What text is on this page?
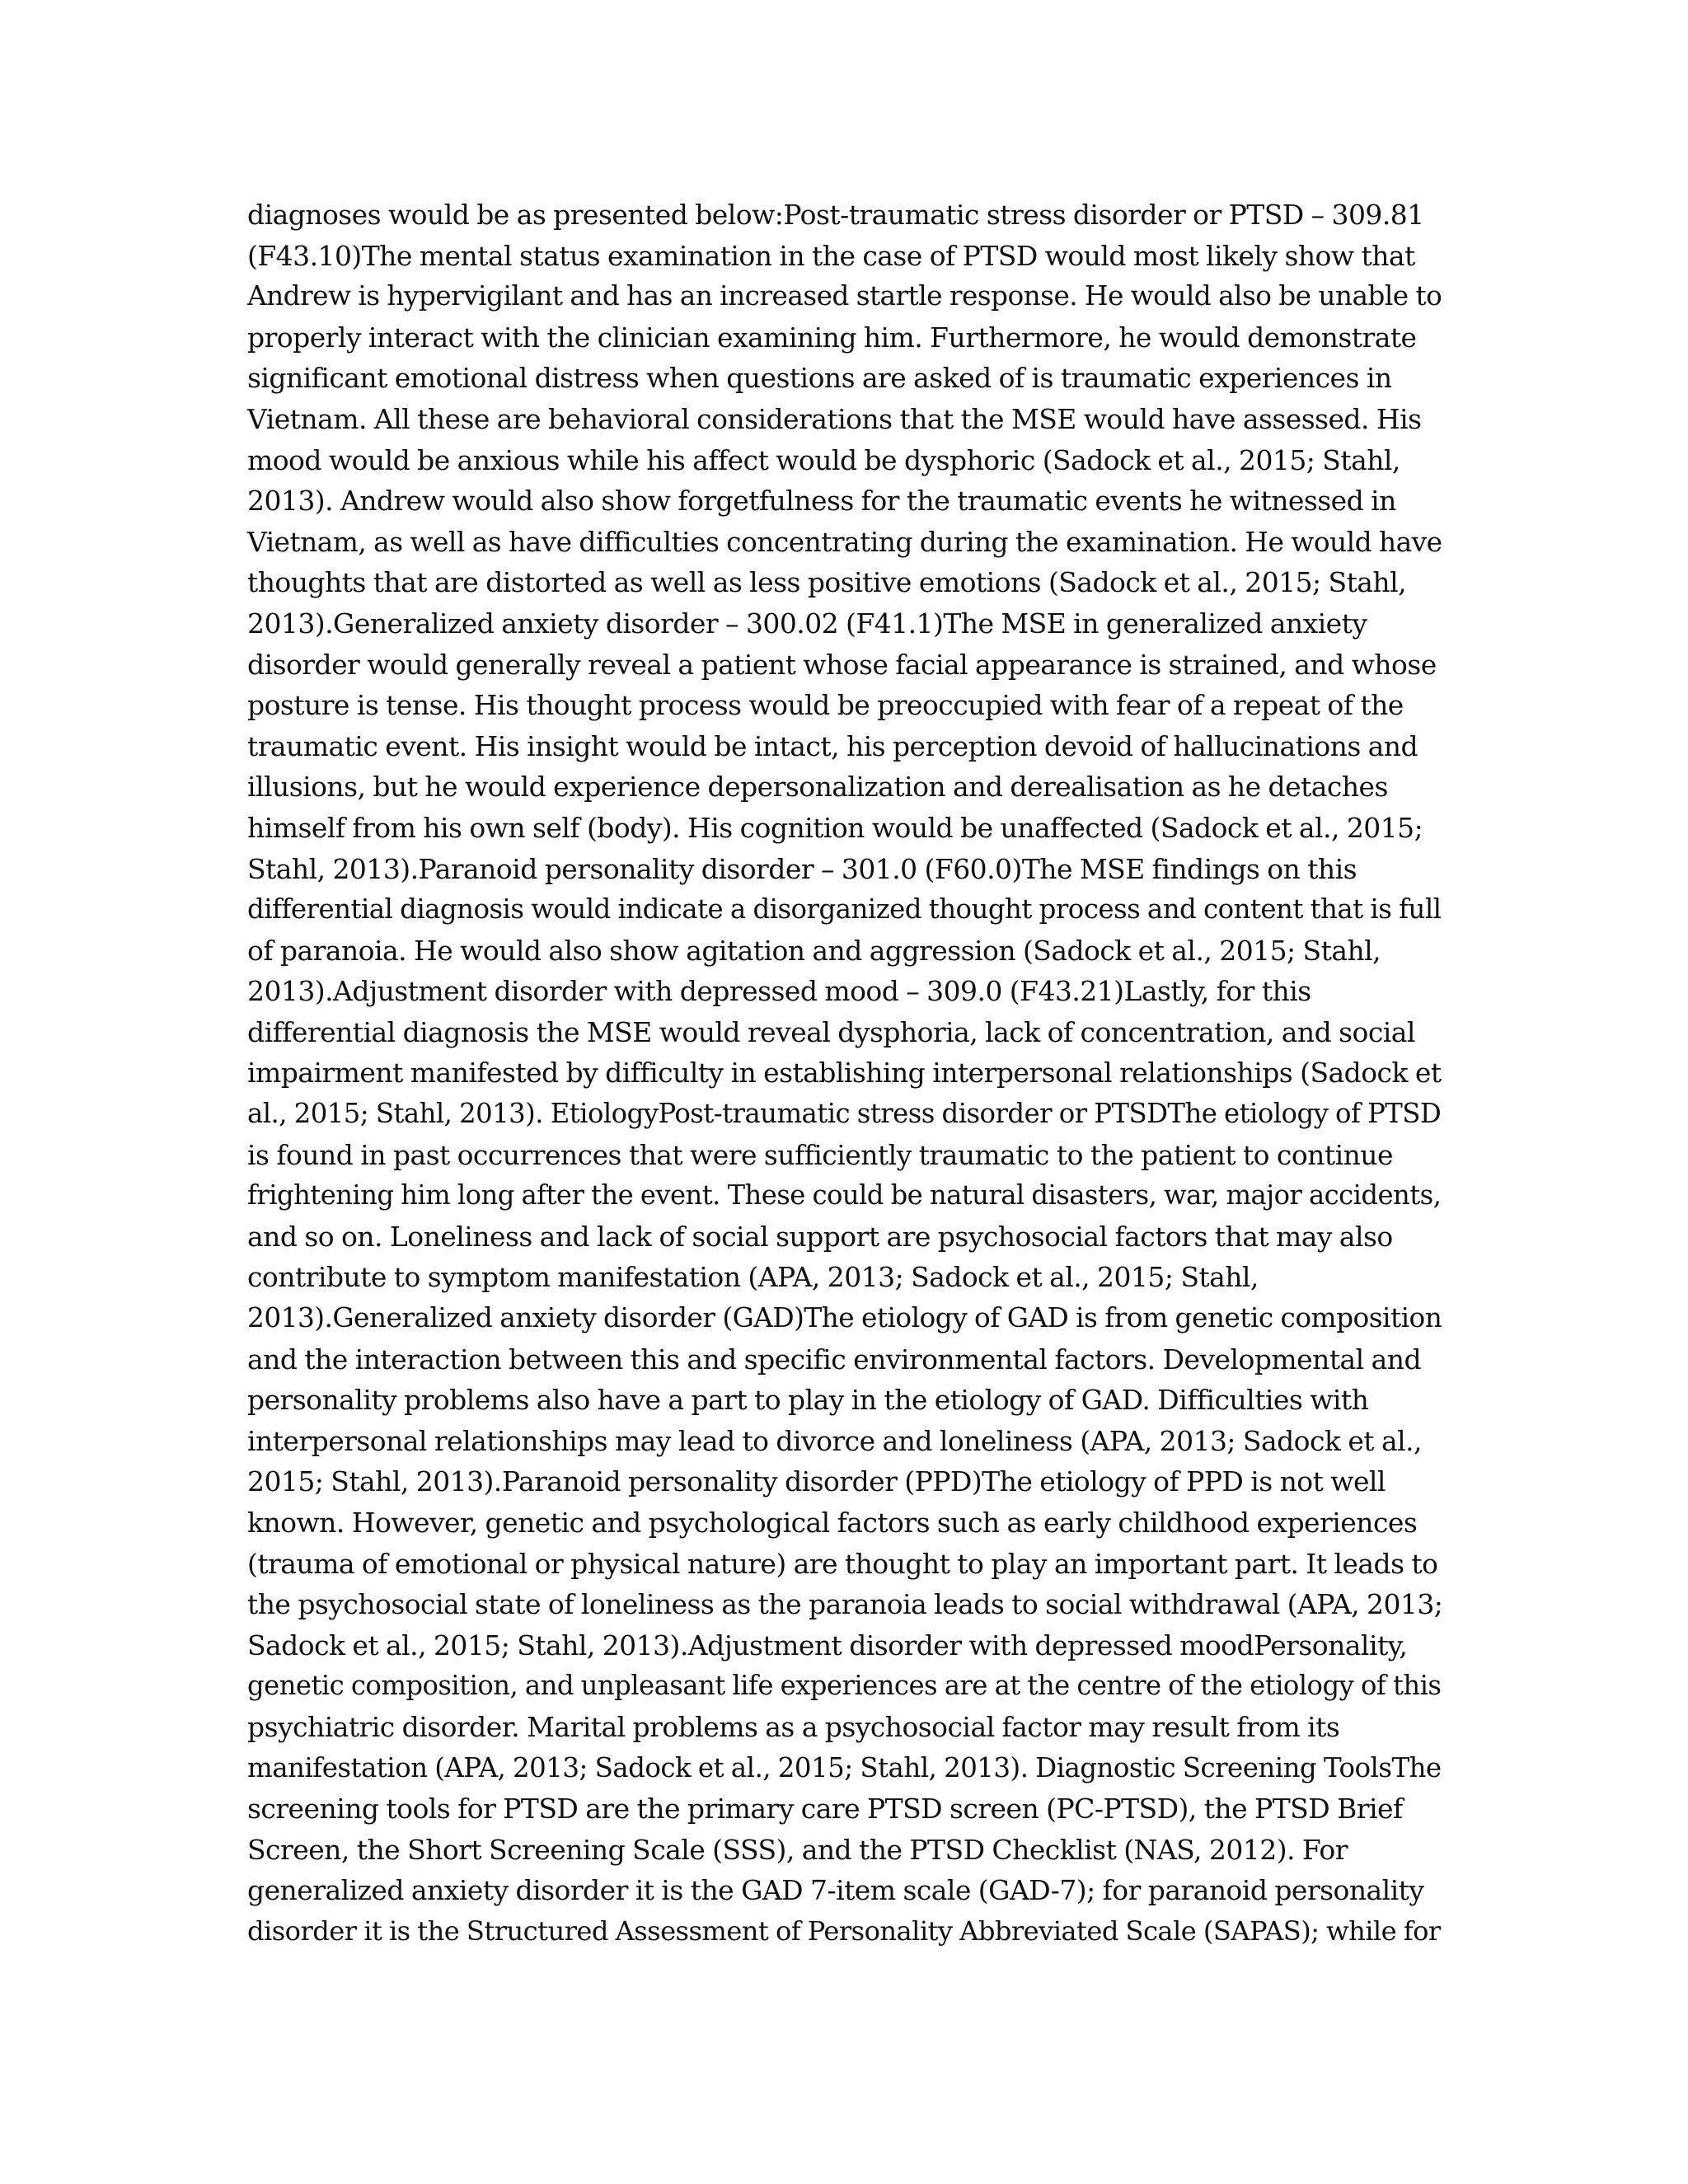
diagnoses would be as presented below:Post-traumatic stress disorder or PTSD – 309.81
(F43.10)The mental status examination in the case of PTSD would most likely show that
Andrew is hypervigilant and has an increased startle response. He would also be unable to
properly interact with the clinician examining him. Furthermore, he would demonstrate
significant emotional distress when questions are asked of is traumatic experiences in
Vietnam. All these are behavioral considerations that the MSE would have assessed. His
mood would be anxious while his affect would be dysphoric (Sadock et al., 2015; Stahl,
2013). Andrew would also show forgetfulness for the traumatic events he witnessed in
Vietnam, as well as have difficulties concentrating during the examination. He would have
thoughts that are distorted as well as less positive emotions (Sadock et al., 2015; Stahl,
2013).Generalized anxiety disorder – 300.02 (F41.1)The MSE in generalized anxiety
disorder would generally reveal a patient whose facial appearance is strained, and whose
posture is tense. His thought process would be preoccupied with fear of a repeat of the
traumatic event. His insight would be intact, his perception devoid of hallucinations and
illusions, but he would experience depersonalization and derealisation as he detaches
himself from his own self (body). His cognition would be unaffected (Sadock et al., 2015;
Stahl, 2013).Paranoid personality disorder – 301.0 (F60.0)The MSE findings on this
differential diagnosis would indicate a disorganized thought process and content that is full
of paranoia. He would also show agitation and aggression (Sadock et al., 2015; Stahl,
2013).Adjustment disorder with depressed mood – 309.0 (F43.21)Lastly, for this
differential diagnosis the MSE would reveal dysphoria, lack of concentration, and social
impairment manifested by difficulty in establishing interpersonal relationships (Sadock et
al., 2015; Stahl, 2013). EtiologyPost-traumatic stress disorder or PTSDThe etiology of PTSD
is found in past occurrences that were sufficiently traumatic to the patient to continue
frightening him long after the event. These could be natural disasters, war, major accidents,
and so on. Loneliness and lack of social support are psychosocial factors that may also
contribute to symptom manifestation (APA, 2013; Sadock et al., 2015; Stahl,
2013).Generalized anxiety disorder (GAD)The etiology of GAD is from genetic composition
and the interaction between this and specific environmental factors. Developmental and
personality problems also have a part to play in the etiology of GAD. Difficulties with
interpersonal relationships may lead to divorce and loneliness (APA, 2013; Sadock et al.,
2015; Stahl, 2013).Paranoid personality disorder (PPD)The etiology of PPD is not well
known. However, genetic and psychological factors such as early childhood experiences
(trauma of emotional or physical nature) are thought to play an important part. It leads to
the psychosocial state of loneliness as the paranoia leads to social withdrawal (APA, 2013;
Sadock et al., 2015; Stahl, 2013).Adjustment disorder with depressed moodPersonality,
genetic composition, and unpleasant life experiences are at the centre of the etiology of this
psychiatric disorder. Marital problems as a psychosocial factor may result from its
manifestation (APA, 2013; Sadock et al., 2015; Stahl, 2013). Diagnostic Screening ToolsThe
screening tools for PTSD are the primary care PTSD screen (PC-PTSD), the PTSD Brief
Screen, the Short Screening Scale (SSS), and the PTSD Checklist (NAS, 2012). For
generalized anxiety disorder it is the GAD 7-item scale (GAD-7); for paranoid personality
disorder it is the Structured Assessment of Personality Abbreviated Scale (SAPAS); while for
